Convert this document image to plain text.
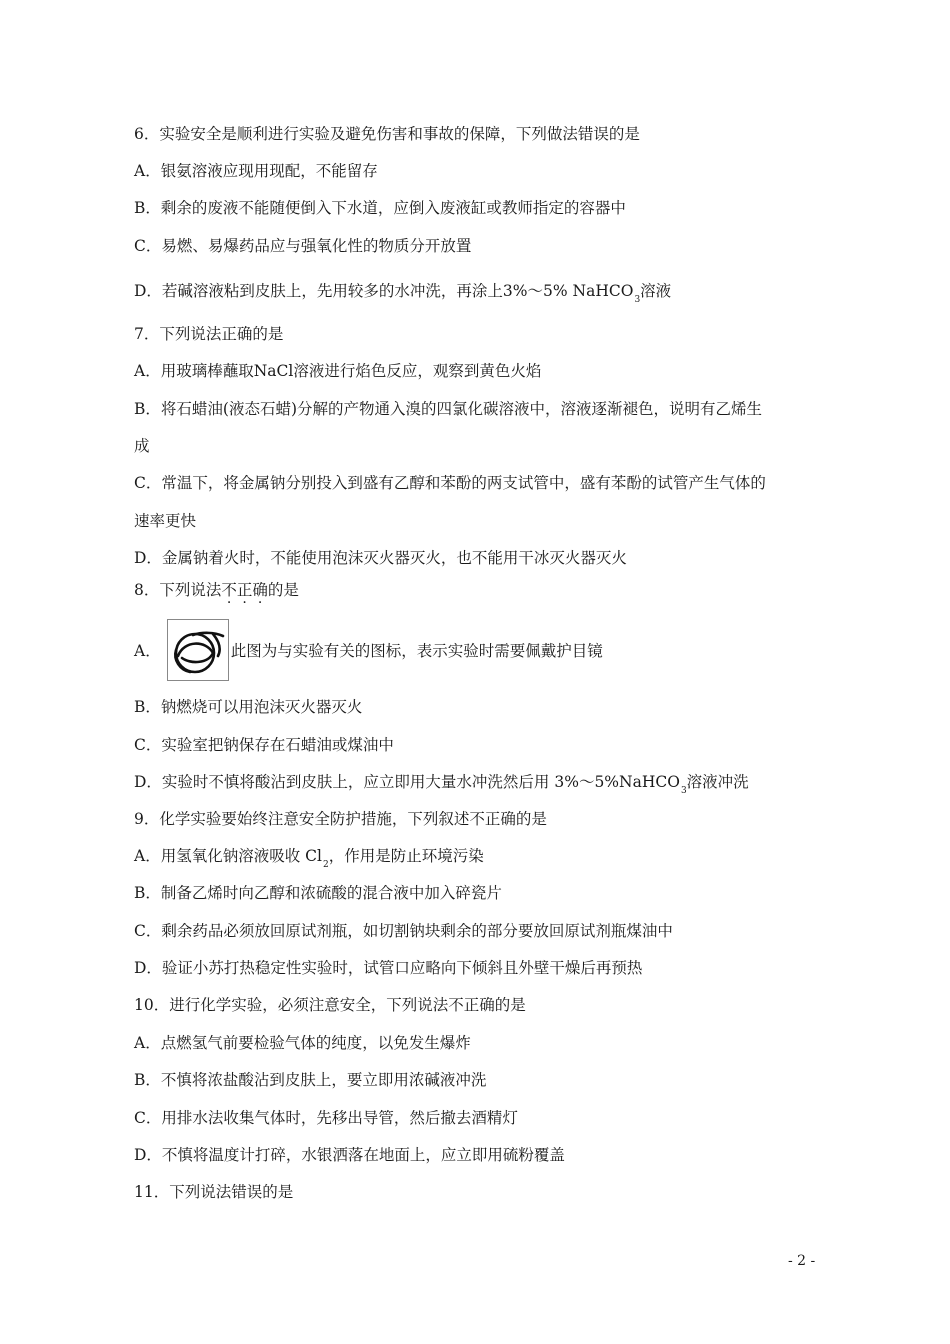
6．实验安全是顺利进行实验及避免伤害和事故的保障，下列做法错误的是
A．银氨溶液应现用现配，不能留存
B．剩余的废液不能随便倒入下水道，应倒入废液缸或教师指定的容器中
C．易燃、易爆药品应与强氧化性的物质分开放置
D．若碱溶液粘到皮肤上，先用较多的水冲洗，再涂上3%～5% NaHCO$_3$溶液
7．下列说法正确的是
A．用玻璃棒蘸取NaCl溶液进行焰色反应，观察到黄色火焰
B．将石蜡油(液态石蜡)分解的产物通入溴的四氯化碳溶液中，溶液逐渐褪色，说明有乙烯生
成
C．常温下，将金属钠分别投入到盛有乙醇和苯酚的两支试管中，盛有苯酚的试管产生气体的
速率更快
D．金属钠着火时，不能使用泡沫灭火器灭火，也不能用干冰灭火器灭火
8．下列说法不正确的是
A．	此图为与实验有关的图标，表示实验时需要佩戴护目镜
B．钠燃烧可以用泡沫灭火器灭火
C．实验室把钠保存在石蜡油或煤油中
D．实验时不慎将酸沾到皮肤上，应立即用大量水冲洗然后用 3%～5%NaHCO$_3$溶液冲洗
9．化学实验要始终注意安全防护措施，下列叙述不正确的是
A．用氢氧化钠溶液吸收 $Cl_2$，作用是防止环境污染
B．制备乙烯时向乙醇和浓硫酸的混合液中加入碎瓷片
C．剩余药品必须放回原试剂瓶，如切割钠块剩余的部分要放回原试剂瓶煤油中
D．验证小苏打热稳定性实验时，试管口应略向下倾斜且外壁干燥后再预热
10．进行化学实验，必须注意安全，下列说法不正确的是
A．点燃氢气前要检验气体的纯度，以免发生爆炸
B．不慎将浓盐酸沾到皮肤上，要立即用浓碱液冲洗
C．用排水法收集气体时，先移出导管，然后撤去酒精灯
D．不慎将温度计打碎，水银洒落在地面上，应立即用硫粉覆盖
11．下列说法错误的是
- 2 -
